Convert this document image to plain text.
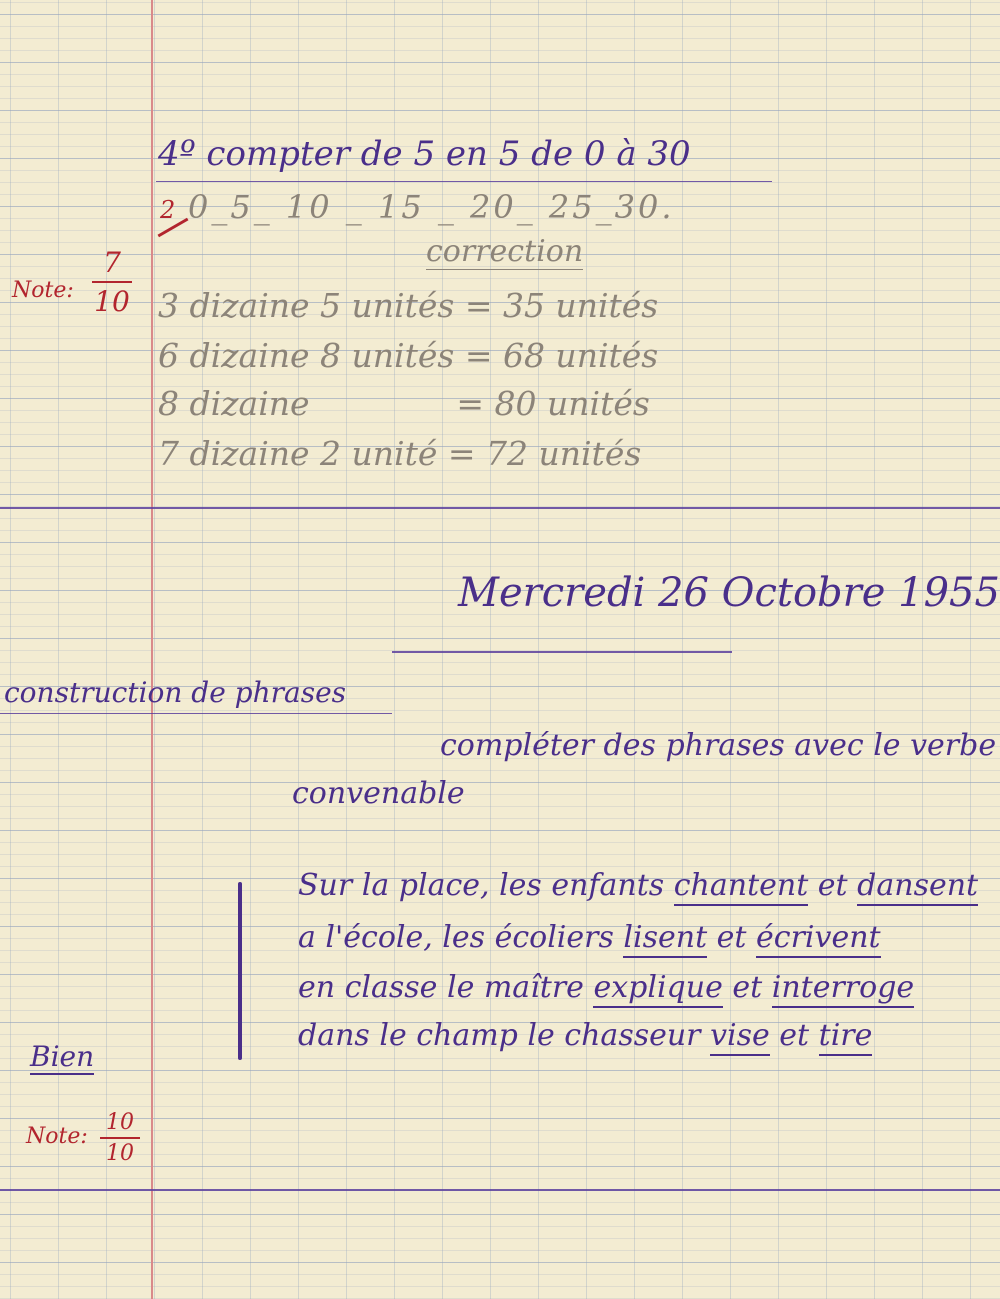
4º compter de 5 en 5 de 0 à 30
2 0_5_ 10 _ 15 _ 20_ 25_30.
correction
3 dizaine 5 unités = 35 unités
6 dizaine 8 unités = 68 unités
8 dizaine              = 80 unités
7 dizaine 2 unité = 72 unités
Note:
7
10
Mercredi 26 Octobre 1955
construction de phrases
compléter des phrases avec le verbe
convenable
Sur la place, les enfants chantent et dansent
a l'école, les écoliers lisent et écrivent
en classe le maître explique et interroge
dans le champ le chasseur vise et tire
Bien
Note:
10
10
